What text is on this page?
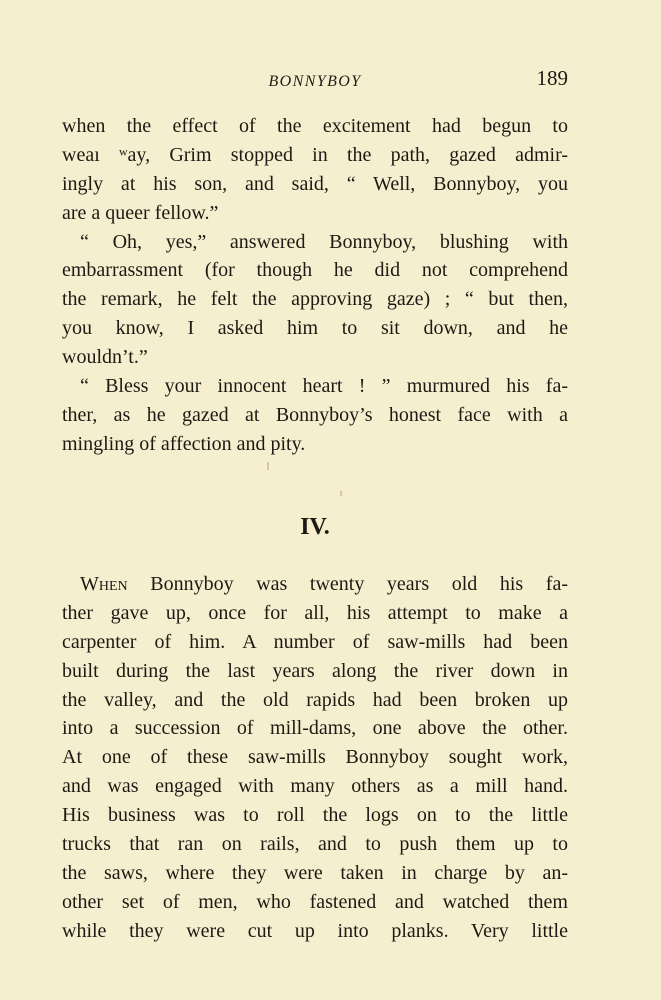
BONNYBOY	189
when the effect of the excitement had begun to
weaı ʷay, Grim stopped in the path, gazed admir-
ingly at his son, and said, “ Well, Bonnyboy, you
are a queer fellow.”
“ Oh, yes,” answered Bonnyboy, blushing with
embarrassment (for though he did not comprehend
the remark, he felt the approving gaze) ; “ but then,
you know, I asked him to sit down, and he
wouldn’t.”
“ Bless your innocent heart ! ” murmured his fa-
ther, as he gazed at Bonnyboy’s honest face with a
mingling of affection and pity.
IV.
When Bonnyboy was twenty years old his fa-
ther gave up, once for all, his attempt to make a
carpenter of him. A number of saw-mills had been
built during the last years along the river down in
the valley, and the old rapids had been broken up
into a succession of mill-dams, one above the other.
At one of these saw-mills Bonnyboy sought work,
and was engaged with many others as a mill hand.
His business was to roll the logs on to the little
trucks that ran on rails, and to push them up to
the saws, where they were taken in charge by an-
other set of men, who fastened and watched them
while they were cut up into planks. Very little
